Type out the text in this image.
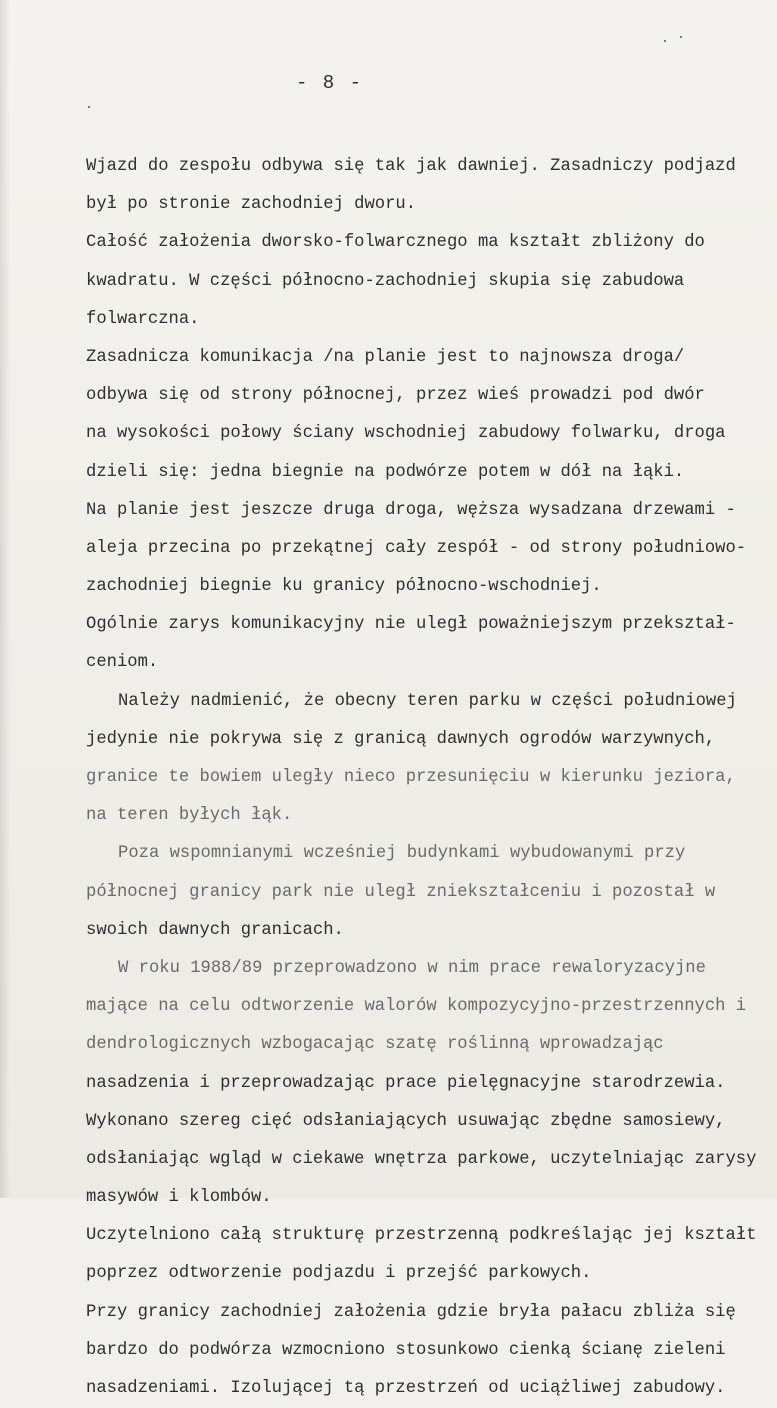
- 8 -
Wjazd do zespołu odbywa się tak jak dawniej. Zasadniczy podjazd
był po stronie zachodniej dworu.
Całość założenia dworsko-folwarcznego ma kształt zbliżony do
kwadratu. W części północno-zachodniej skupia się zabudowa
folwarczna.
Zasadnicza komunikacja /na planie jest to najnowsza droga/
odbywa się od strony północnej, przez wieś prowadzi pod dwór
na wysokości połowy ściany wschodniej zabudowy folwarku, droga
dzieli się: jedna biegnie na podwórze potem w dół na łąki.
Na planie jest jeszcze druga droga, węższa wysadzana drzewami -
aleja przecina po przekątnej cały zespół - od strony południowo-
zachodniej biegnie ku granicy północno-wschodniej.
Ogólnie zarys komunikacyjny nie uległ poważniejszym przekształ-
ceniom.
Należy nadmienić, że obecny teren parku w części południowej
jedynie nie pokrywa się z granicą dawnych ogrodów warzywnych,
granice te bowiem uległy nieco przesunięciu w kierunku jeziora,
na teren byłych łąk.
Poza wspomnianymi wcześniej budynkami wybudowanymi przy
północnej granicy park nie uległ zniekształceniu i pozostał w
swoich dawnych granicach.
W roku 1988/89 przeprowadzono w nim prace rewaloryzacyjne
mające na celu odtworzenie walorów kompozycyjno-przestrzennych i
dendrologicznych wzbogacając szatę roślinną wprowadzając
nasadzenia i przeprowadzając prace pielęgnacyjne starodrzewia.
Wykonano szereg cięć odsłaniających usuwając zbędne samosiewy,
odsłaniając wgląd w ciekawe wnętrza parkowe, uczytelniając zarysy
masywów i klombów.
Uczytelniono całą strukturę przestrzenną podkreślając jej kształt
poprzez odtworzenie podjazdu i przejść parkowych.
Przy granicy zachodniej założenia gdzie bryła pałacu zbliża się
bardzo do podwórza wzmocniono stosunkowo cienką ścianę zieleni
nasadzeniami. Izolującej tą przestrzeń od uciążliwej zabudowy.
